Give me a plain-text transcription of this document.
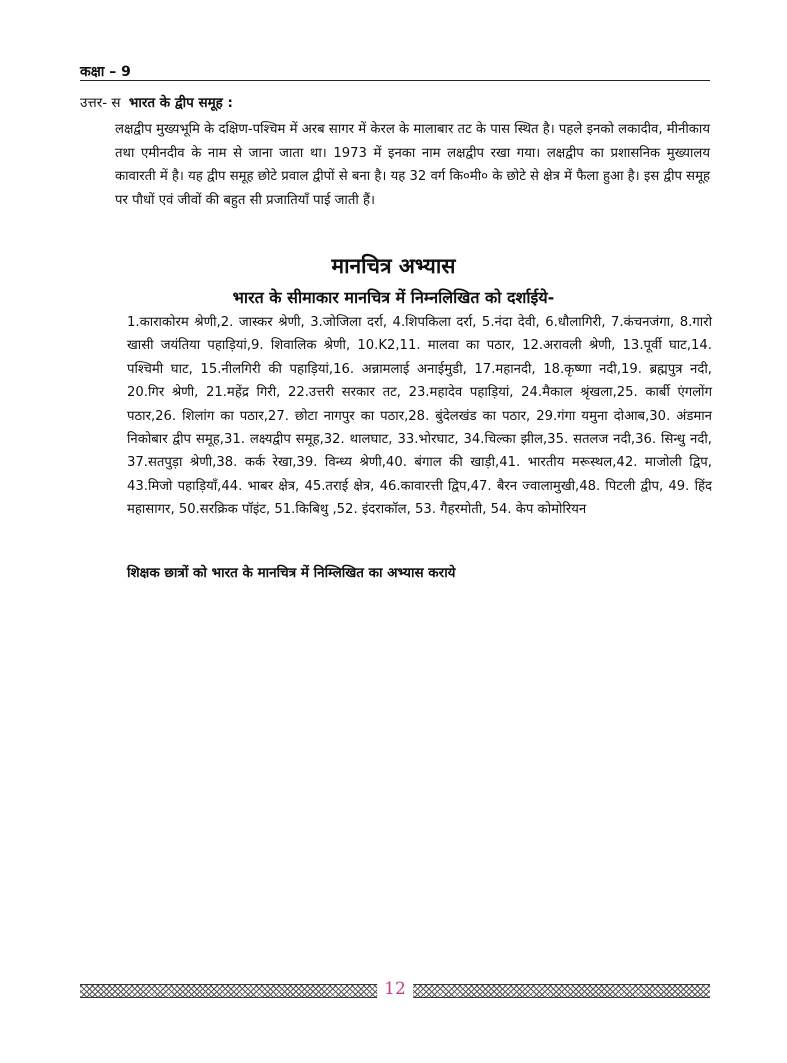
कक्षा – 9
उत्तर- स भारत के द्वीप समूह :
लक्षद्वीप मुख्यभूमि के दक्षिण-पश्चिम में अरब सागर में केरल के मालाबार तट के पास स्थित है। पहले इनको लकादीव, मीनीकाय तथा एमीनदीव के नाम से जाना जाता था। 1973 में इनका नाम लक्षद्वीप रखा गया। लक्षद्वीप का प्रशासनिक मुख्यालय कावारती में है। यह द्वीप समूह छोटे प्रवाल द्वीपों से बना है। यह 32 वर्ग कि०मी० के छोटे से क्षेत्र में फैला हुआ है। इस द्वीप समूह पर पौधों एवं जीवों की बहुत सी प्रजातियाँ पाई जाती हैं।
मानचित्र अभ्यास
भारत के सीमाकार मानचित्र में निम्नलिखित को दर्शाईये-
1.काराकोरम श्रेणी,2. जास्कर श्रेणी, 3.जोजिला दर्रा, 4.शिपकिला दर्रा, 5.नंदा देवी, 6.धौलागिरी, 7.कंचनजंगा, 8.गारो खासी जयंतिया पहाड़ियां,9. शिवालिक श्रेणी, 10.K2,11. मालवा का पठार, 12.अरावली श्रेणी, 13.पूर्वी घाट,14. पश्चिमी घाट, 15.नीलगिरी की पहाड़ियां,16. अन्नामलाई अनाईमुडी, 17.महानदी, 18.कृष्णा नदी,19. ब्रह्मपुत्र नदी, 20.गिर श्रेणी, 21.महेंद्र गिरी, 22.उत्तरी सरकार तट, 23.महादेव पहाड़ियां, 24.मैकाल श्रृंखला,25. कार्बी एंगलोंग पठार,26. शिलांग का पठार,27. छोटा नागपुर का पठार,28. बुंदेलखंड का पठार, 29.गंगा यमुना दोआब,30. अंडमान निकोबार द्वीप समूह,31. लक्ष्यद्वीप समूह,32. थालघाट, 33.भोरघाट, 34.चिल्का झील,35. सतलज नदी,36. सिन्धु नदी, 37.सतपुड़ा श्रेणी,38. कर्क रेखा,39. विन्ध्य श्रेणी,40. बंगाल की खाड़ी,41. भारतीय मरूस्थल,42. माजोली द्विप, 43.मिजो पहाड़ियाँ,44. भाबर क्षेत्र, 45.तराई क्षेत्र, 46.कावारत्ती द्विप,47. बैरन ज्वालामुखी,48. पिटली द्वीप, 49. हिंद महासागर, 50.सरक्रिक पॉइंट, 51.किबिथु ,52. इंदराकॉल, 53. गैहरमोती, 54. केप कोमोरियन
शिक्षक छात्रों को भारत के मानचित्र में निम्लिखित का अभ्यास कराये
12
